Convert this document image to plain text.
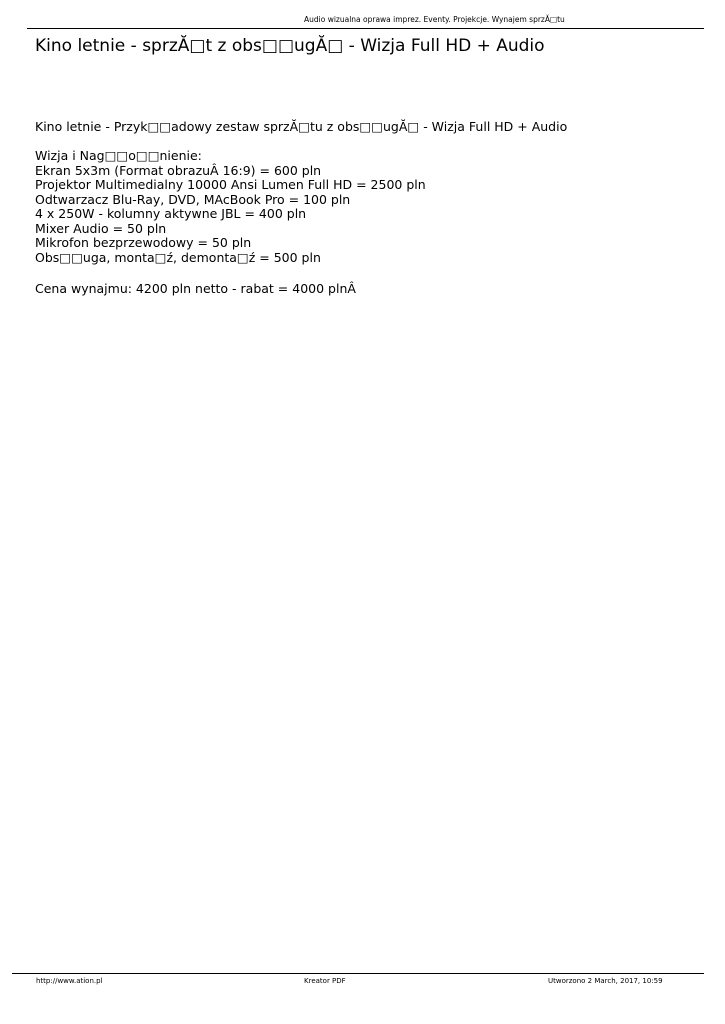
Audio wizualna oprawa imprez. Eventy. Projekcje. Wynajem sprzĂ□tu
Kino letnie - sprzĂ□t z obs□□ugĂ□ - Wizja Full HD + Audio
Kino letnie - Przyk□□adowy zestaw sprzĂ□tu z obs□□ugĂ□ - Wizja Full HD + Audio
Wizja i Nag□□o□□nienie:
Ekran 5x3m (Format obrazuÂ 16:9) = 600 pln
Projektor Multimedialny 10000 Ansi Lumen Full HD = 2500 pln
Odtwarzacz Blu-Ray, DVD, MAcBook Pro = 100 pln
4 x 250W - kolumny aktywne JBL = 400 pln
Mixer Audio = 50 pln
Mikrofon bezprzewodowy = 50 pln
Obs□□uga, monta□ź, demonta□ź = 500 pln
Cena wynajmu: 4200 pln netto - rabat = 4000 plnÂ
http://www.ation.pl	Kreator PDF	Utworzono 2 March, 2017, 10:59
